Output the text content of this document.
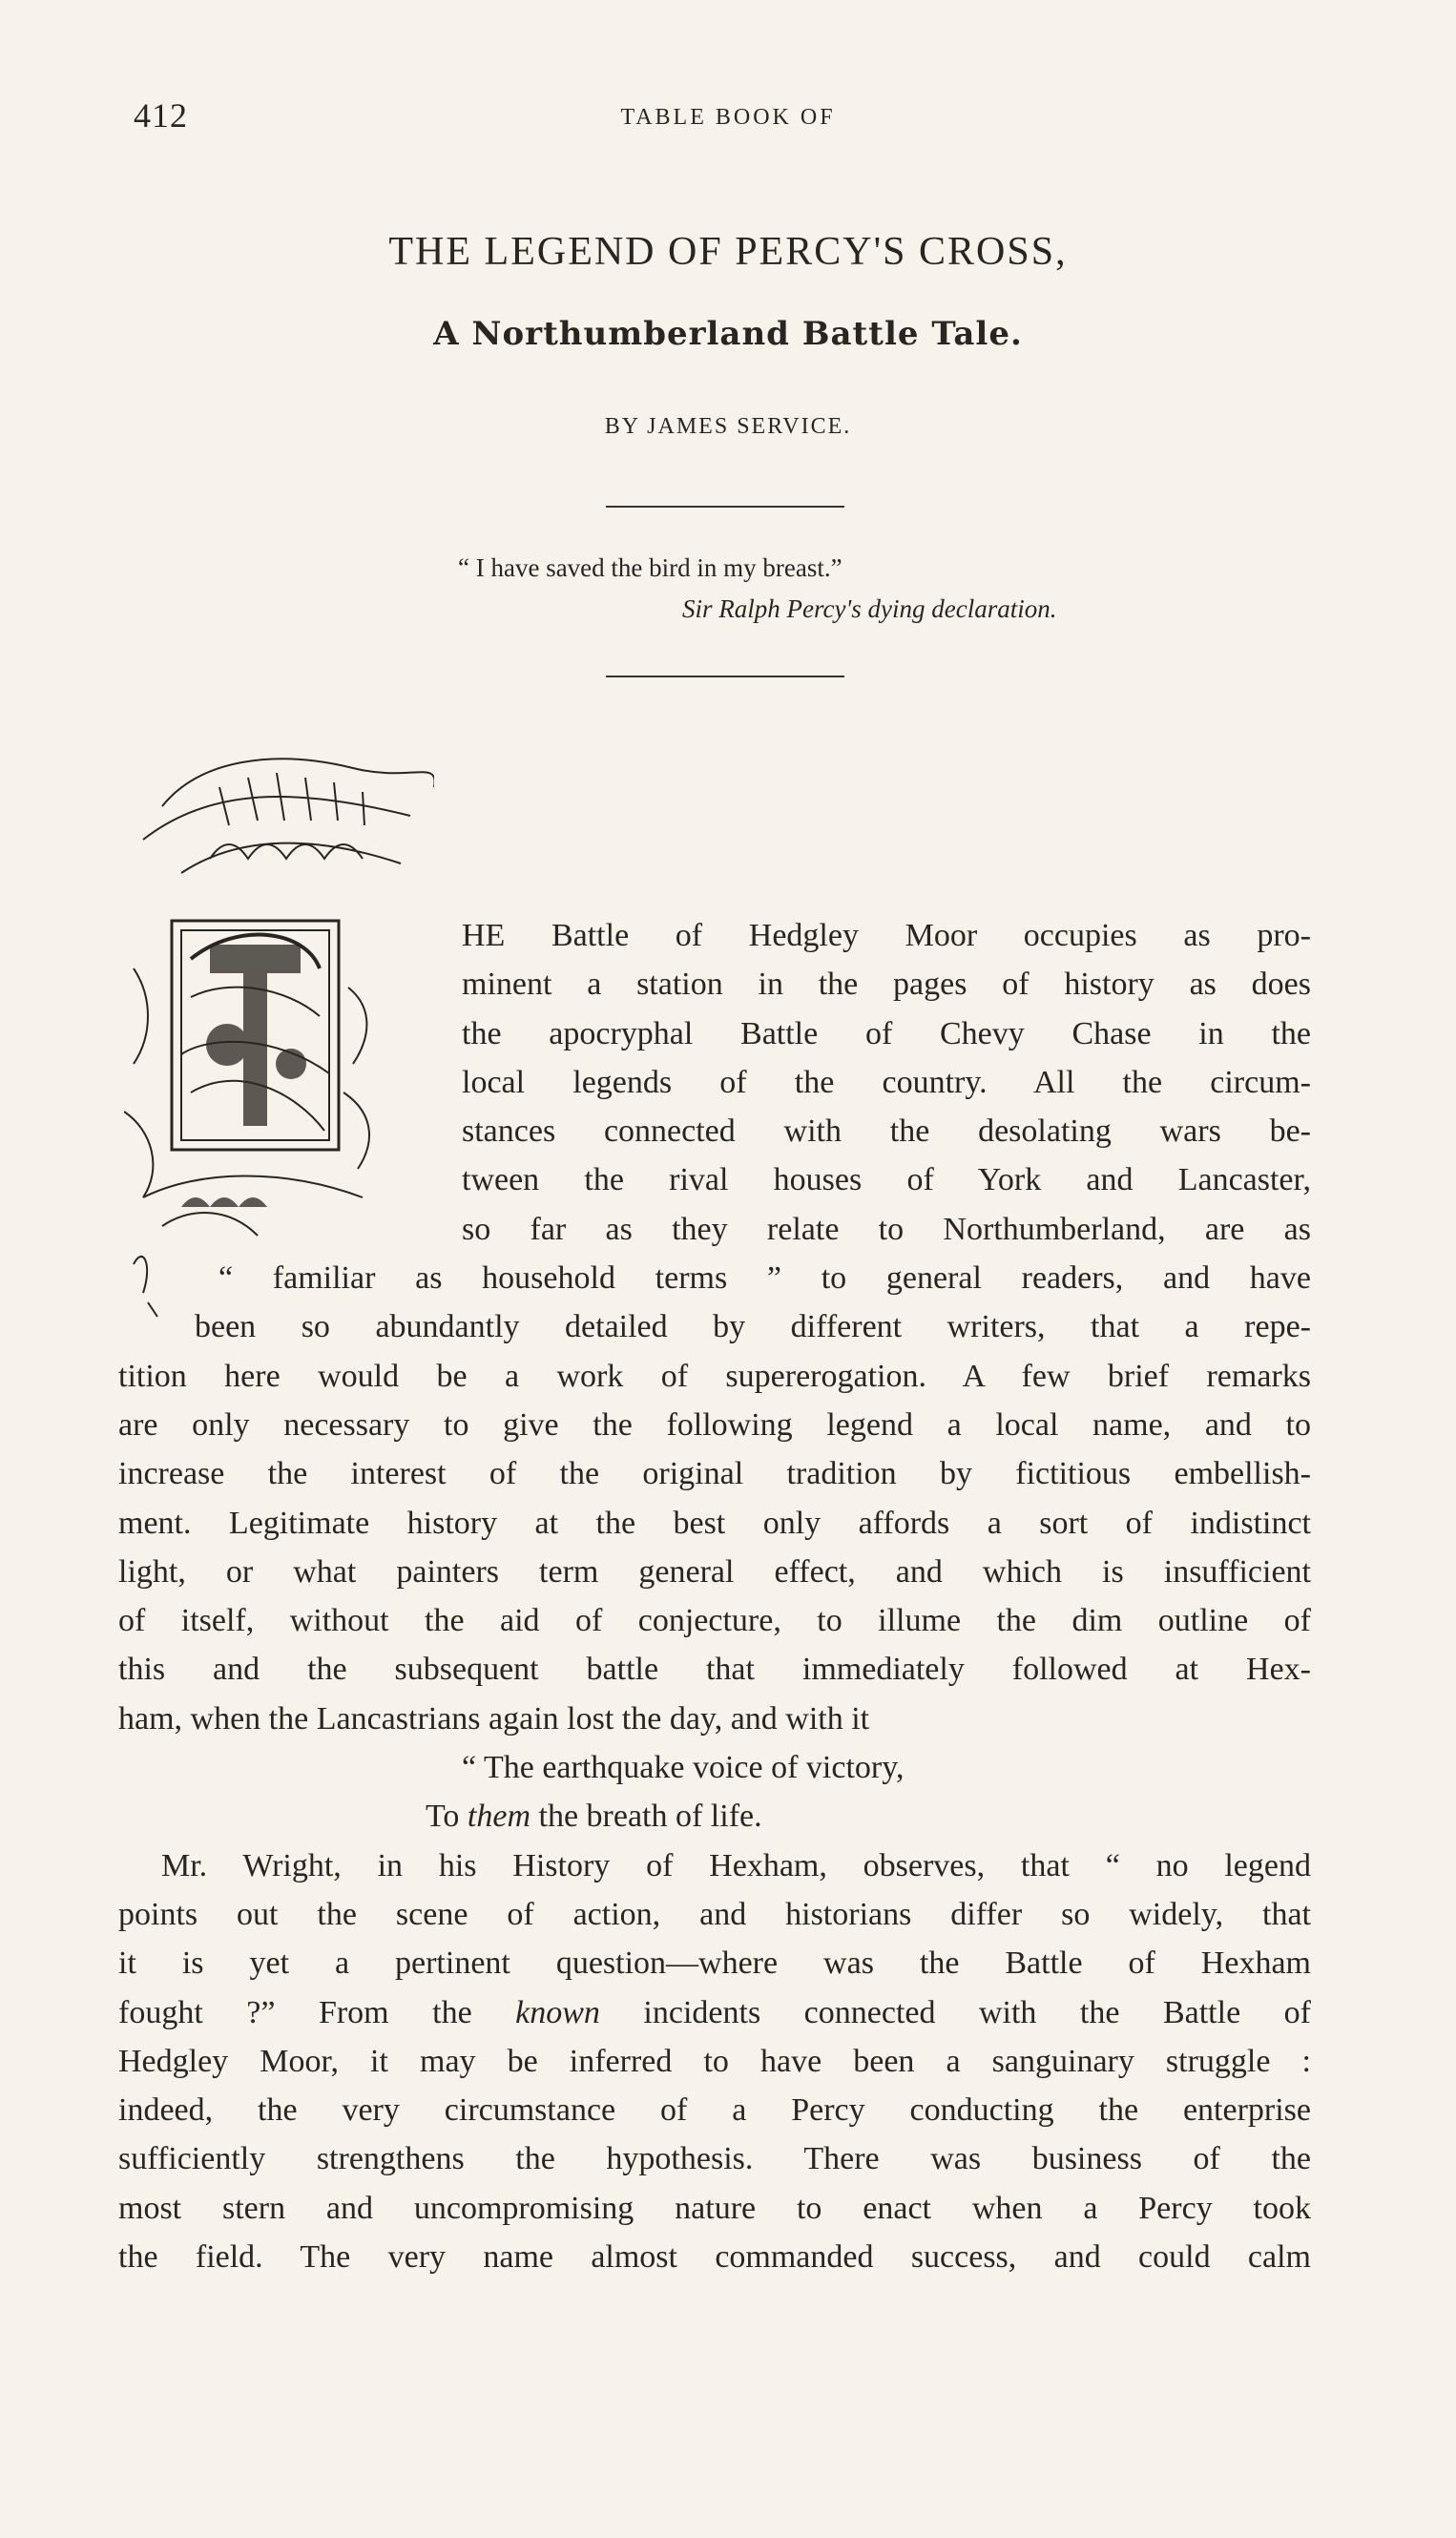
412	TABLE BOOK OF
THE LEGEND OF PERCY'S CROSS,
A Northumberland Battle Tale.
BY JAMES SERVICE.
“ I have saved the bird in my breast.”
Sir Ralph Percy's dying declaration.
T
HE Battle of Hedgley Moor occupies as pro-
minent a station in the pages of history as does
the apocryphal Battle of Chevy Chase in the
local legends of the country. All the circum-
stances connected with the desolating wars be-
tween the rival houses of York and Lancaster,
so far as they relate to Northumberland, are as
“ familiar as household terms ” to general readers, and have
been so abundantly detailed by different writers, that a repe-
tition here would be a work of supererogation. A few brief remarks
are only necessary to give the following legend a local name, and to
increase the interest of the original tradition by fictitious embellish-
ment. Legitimate history at the best only affords a sort of indistinct
light, or what painters term general effect, and which is insufficient
of itself, without the aid of conjecture, to illume the dim outline of
this and the subsequent battle that immediately followed at Hex-
ham, when the Lancastrians again lost the day, and with it
“ The earthquake voice of victory,
To them the breath of life.
Mr. Wright, in his History of Hexham, observes, that “ no legend
points out the scene of action, and historians differ so widely, that
it is yet a pertinent question—where was the Battle of Hexham
fought ?” From the known incidents connected with the Battle of
Hedgley Moor, it may be inferred to have been a sanguinary struggle :
indeed, the very circumstance of a Percy conducting the enterprise
sufficiently strengthens the hypothesis. There was business of the
most stern and uncompromising nature to enact when a Percy took
the field. The very name almost commanded success, and could calm
